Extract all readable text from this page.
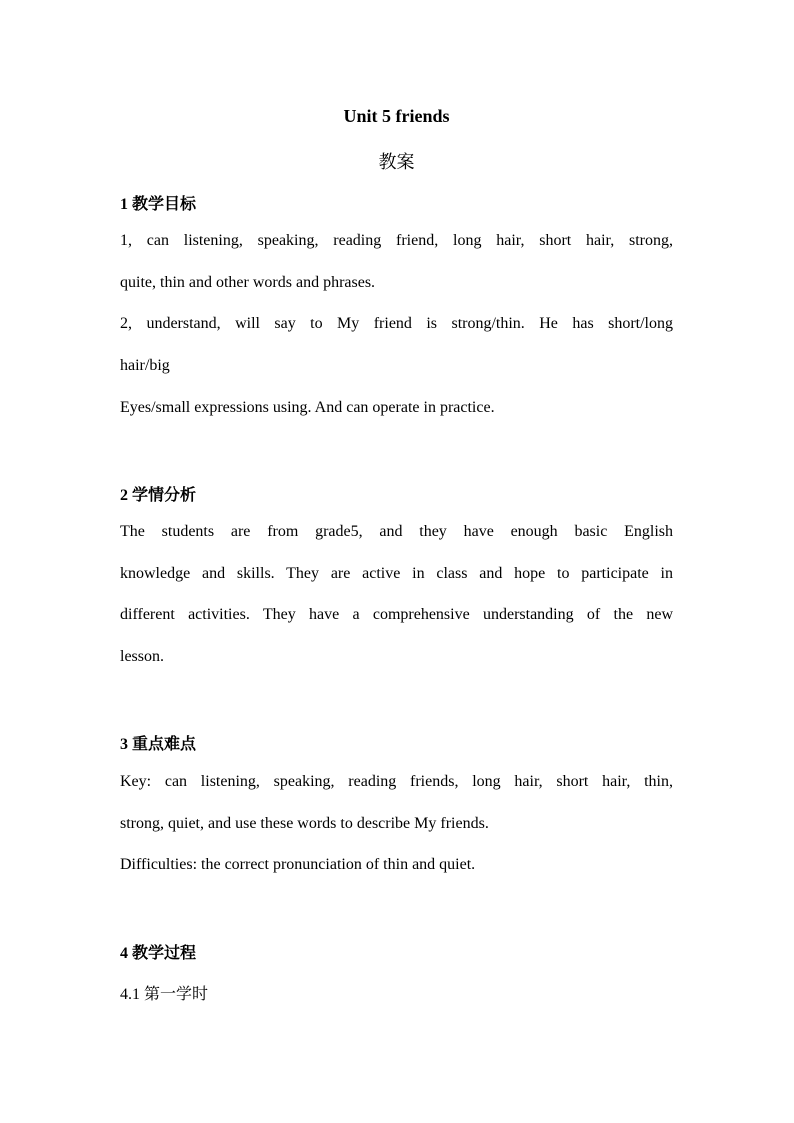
Unit 5 friends
教案
1 教学目标
1, can listening, speaking, reading friend, long hair, short hair, strong,
quite, thin and other words and phrases.
2, understand, will say to My friend is strong/thin. He has short/long
hair/big
Eyes/small expressions using. And can operate in practice.
2 学情分析
The students are from grade5, and they have enough basic English
knowledge and skills. They are active in class and hope to participate in
different activities. They have a comprehensive understanding of the new
lesson.
3 重点难点
Key: can listening, speaking, reading friends, long hair, short hair, thin,
strong, quiet, and use these words to describe My friends.
Difficulties: the correct pronunciation of thin and quiet.
4 教学过程
4.1 第一学时
